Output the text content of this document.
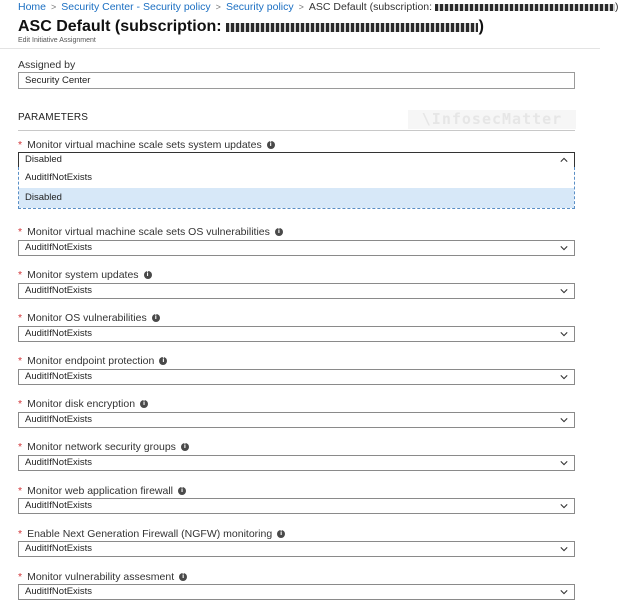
Home > Security Center - Security policy > Security policy > ASC Default (subscription:	)
ASC Default (subscription:	)
Edit Initiative Assignment
Assigned by
Security Center
PARAMETERS	\InfosecMatter
* Monitor virtual machine scale sets system updates	i
Disabled
AuditIfNotExists
Disabled
* Monitor virtual machine scale sets OS vulnerabilities	i
AuditIfNotExists
* Monitor system updates	i
AuditIfNotExists
* Monitor OS vulnerabilities	i
AuditIfNotExists
* Monitor endpoint protection	i
AuditIfNotExists
* Monitor disk encryption	i
AuditIfNotExists
* Monitor network security groups	i
AuditIfNotExists
* Monitor web application firewall	i
AuditIfNotExists
* Enable Next Generation Firewall (NGFW) monitoring	i
AuditIfNotExists
* Monitor vulnerability assesment	i
AuditIfNotExists
